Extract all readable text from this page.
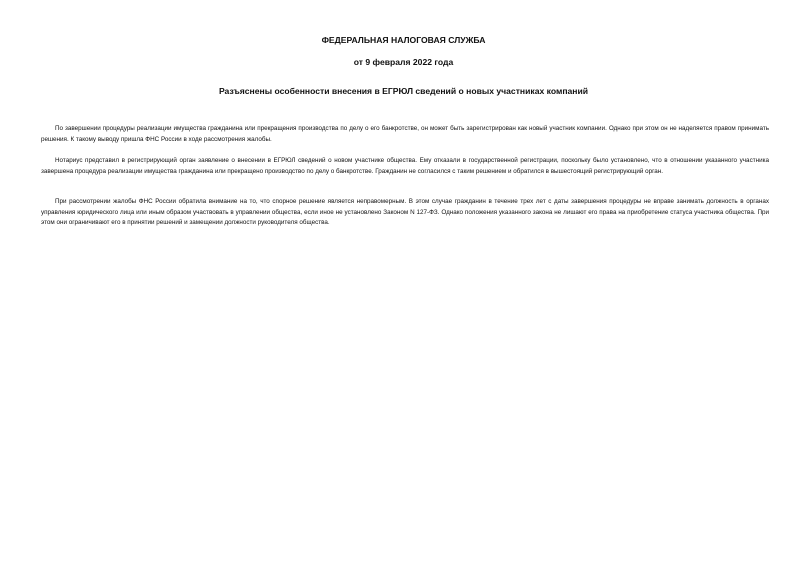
ФЕДЕРАЛЬНАЯ НАЛОГОВАЯ СЛУЖБА
от 9 февраля 2022 года
Разъяснены особенности внесения в ЕГРЮЛ сведений о новых участниках компаний

По завершении процедуры реализации имущества гражданина или прекращения производства по делу о его банкротстве, он может быть зарегистрирован как новый участник компании. Однако при этом он не наделяется правом принимать решения. К такому выводу пришла ФНС России в ходе рассмотрения жалобы.

Нотариус представил в регистрирующий орган заявление о внесении в ЕГРЮЛ сведений о новом участнике общества. Ему отказали в государственной регистрации, поскольку было установлено, что в отношении указанного участника завершена процедура реализации имущества гражданина или прекращено производство по делу о банкротстве. Гражданин не согласился с таким решением и обратился в вышестоящий регистрирующий орган.

При рассмотрении жалобы ФНС России обратила внимание на то, что спорное решение является неправомерным. В этом случае гражданин в течение трех лет с даты завершения процедуры не вправе занимать должность в органах управления юридического лица или иным образом участвовать в управлении общества, если иное не установлено Законом N 127-ФЗ. Однако положения указанного закона не лишают его права на приобретение статуса участника общества. При этом они ограничивают его в принятии решений и замещении должности руководителя общества.
